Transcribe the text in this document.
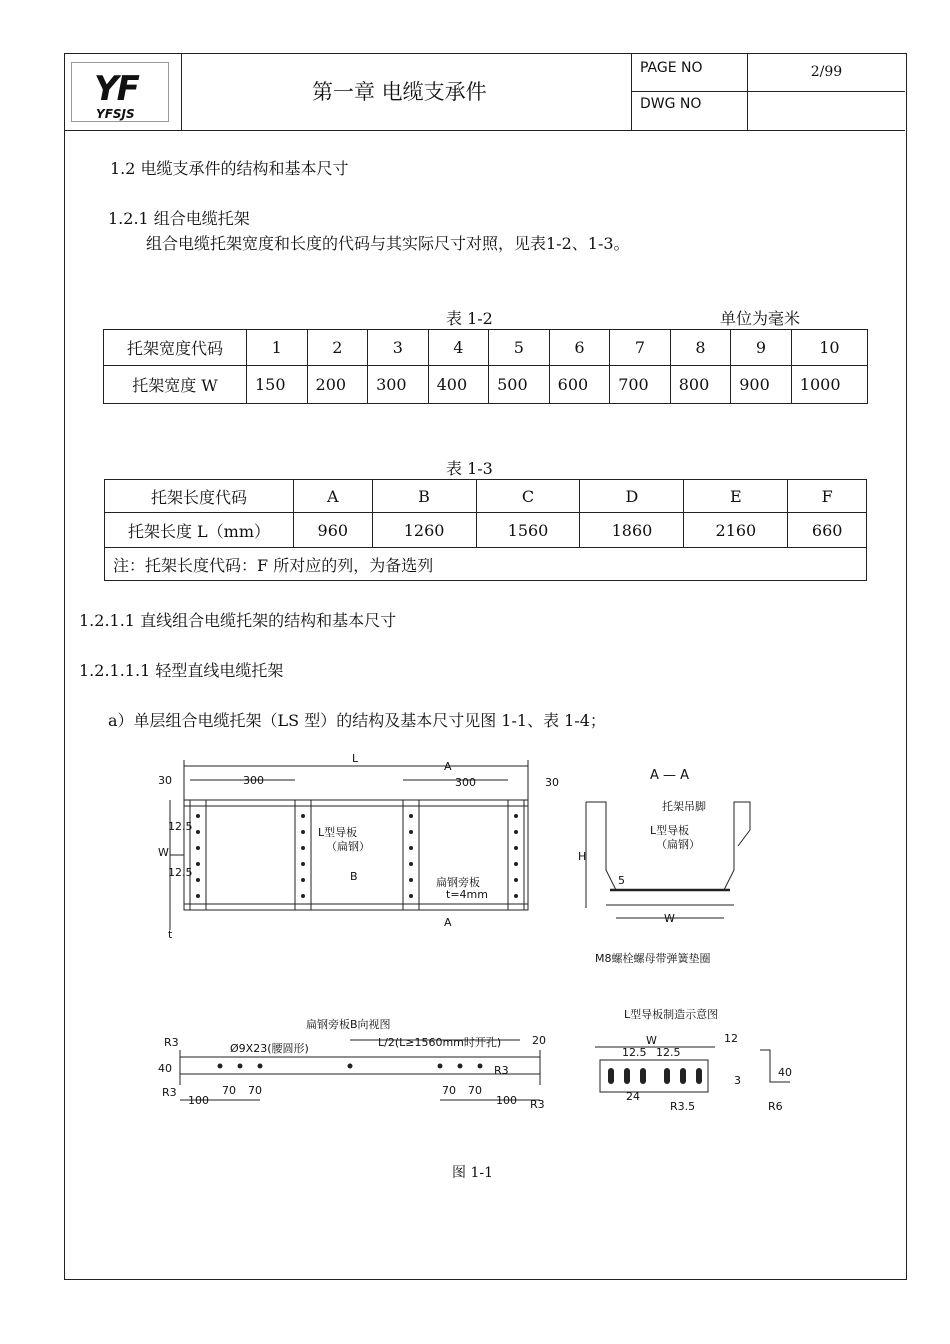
YF
YFSJS
第一章 电缆支承件
PAGE NO	2/99
DWG NO
1.2 电缆支承件的结构和基本尺寸
1.2.1 组合电缆托架
组合电缆托架宽度和长度的代码与其实际尺寸对照，见表1-2、1-3。
表 1-2	单位为毫米
托架宽度代码	1	2	3	4	5	6	7	8	9	10
托架宽度 W	150	200	300	400	500	600	700	800	900	1000
表 1-3
托架长度代码	A	B	C	D	E	F
托架长度 L（mm）	960	1260	1560	1860	2160	660
注：托架长度代码：F 所对应的列，为备选列						
1.2.1.1 直线组合电缆托架的结构和基本尺寸
1.2.1.1.1 轻型直线电缆托架
a）单层组合电缆托架（LS 型）的结构及基本尺寸见图 1-1、表 1-4；
L
30	30
300	300
A
A
12.5
12.5
W
t
L型导板
（扁钢）
B	扁钢旁板
t=4mm
A — A
托架吊脚
L型导板
（扁钢）
H
5
W
M8螺栓螺母带弹簧垫圈
扁钢旁板B向视图
Ø9X23(腰圆形)	L/2(L≥1560mm时开孔)	20
40
R3
R3
R3
R3
100
70 70	70 70
100
L型导板制造示意图
W
12.5 12.5
24
R3.5
12
3
40
R6
图 1-1
